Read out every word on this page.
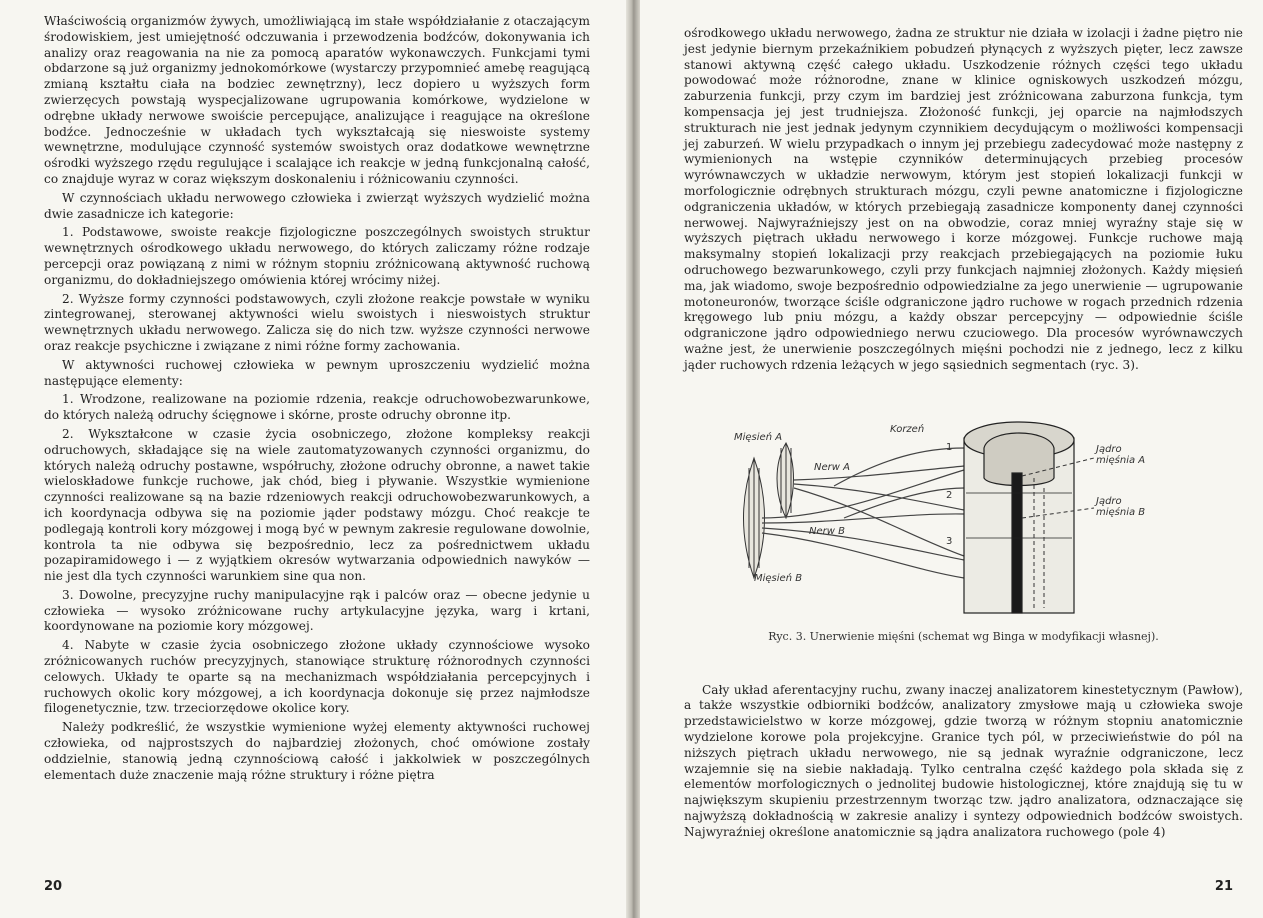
Właściwością organizmów żywych, umożliwiającą im stałe współdziałanie z otaczającym środowiskiem, jest umiejętność odczuwania i przewodzenia bodźców, dokonywania ich analizy oraz reagowania na nie za pomocą aparatów wykonawczych. Funkcjami tymi obdarzone są już organizmy jednokomórkowe (wystarczy przypomnieć amebę reagującą zmianą kształtu ciała na bodziec zewnętrzny), lecz dopiero u wyższych form zwierzęcych powstają wyspecjalizowane ugrupowania komórkowe, wydzielone w odrębne układy nerwowe swoiście percepujące, analizujące i reagujące na określone bodźce. Jednocześnie w układach tych wykształcają się nieswoiste systemy wewnętrzne, modulujące czynność systemów swoistych oraz dodatkowe wewnętrzne ośrodki wyższego rzędu regulujące i scalające ich reakcje w jedną funkcjonalną całość, co znajduje wyraz w coraz większym doskonaleniu i różnicowaniu czynności.

W czynnościach układu nerwowego człowieka i zwierząt wyższych wydzielić można dwie zasadnicze ich kategorie:

1. Podstawowe, swoiste reakcje fizjologiczne poszczególnych swoistych struktur wewnętrznych ośrodkowego układu nerwowego, do których zaliczamy różne rodzaje percepcji oraz powiązaną z nimi w różnym stopniu zróżnicowaną aktywność ruchową organizmu, do dokładniejszego omówienia której wrócimy niżej.

2. Wyższe formy czynności podstawowych, czyli złożone reakcje powstałe w wyniku zintegrowanej, sterowanej aktywności wielu swoistych i nieswoistych struktur wewnętrznych układu nerwowego. Zalicza się do nich tzw. wyższe czynności nerwowe oraz reakcje psychiczne i związane z nimi różne formy zachowania.

W aktywności ruchowej człowieka w pewnym uproszczeniu wydzielić można następujące elementy:

1. Wrodzone, realizowane na poziomie rdzenia, reakcje odruchowobezwarunkowe, do których należą odruchy ścięgnowe i skórne, proste odruchy obronne itp.

2. Wykształcone w czasie życia osobniczego, złożone kompleksy reakcji odruchowych, składające się na wiele zautomatyzowanych czynności organizmu, do których należą odruchy postawne, współruchy, złożone odruchy obronne, a nawet takie wieloskładowe funkcje ruchowe, jak chód, bieg i pływanie. Wszystkie wymienione czynności realizowane są na bazie rdzeniowych reakcji odruchowobezwarunkowych, a ich koordynacja odbywa się na poziomie jąder podstawy mózgu. Choć reakcje te podlegają kontroli kory mózgowej i mogą być w pewnym zakresie regulowane dowolnie, kontrola ta nie odbywa się bezpośrednio, lecz za pośrednictwem układu pozapiramidowego i — z wyjątkiem okresów wytwarzania odpowiednich nawyków — nie jest dla tych czynności warunkiem sine qua non.

3. Dowolne, precyzyjne ruchy manipulacyjne rąk i palców oraz — obecne jedynie u człowieka — wysoko zróżnicowane ruchy artykulacyjne języka, warg i krtani, koordynowane na poziomie kory mózgowej.

4. Nabyte w czasie życia osobniczego złożone układy czynnościowe wysoko zróżnicowanych ruchów precyzyjnych, stanowiące strukturę różnorodnych czynności celowych. Układy te oparte są na mechanizmach współdziałania percepcyjnych i ruchowych okolic kory mózgowej, a ich koordynacja dokonuje się przez najmłodsze filogenetycznie, tzw. trzeciorzędowe okolice kory.

Należy podkreślić, że wszystkie wymienione wyżej elementy aktywności ruchowej człowieka, od najprostszych do najbardziej złożonych, choć omówione zostały oddzielnie, stanowią jedną czynnościową całość i jakkolwiek w poszczególnych elementach duże znaczenie mają różne struktury i różne piętra

20

ośrodkowego układu nerwowego, żadna ze struktur nie działa w izolacji i żadne piętro nie jest jedynie biernym przekaźnikiem pobudzeń płynących z wyższych pięter, lecz zawsze stanowi aktywną część całego układu. Uszkodzenie różnych części tego układu powodować może różnorodne, znane w klinice ogniskowych uszkodzeń mózgu, zaburzenia funkcji, przy czym im bardziej jest zróżnicowana zaburzona funkcja, tym kompensacja jej jest trudniejsza. Złożoność funkcji, jej oparcie na najmłodszych strukturach nie jest jednak jedynym czynnikiem decydującym o możliwości kompensacji jej zaburzeń. W wielu przypadkach o innym jej przebiegu zadecydować może następny z wymienionych na wstępie czynników determinujących przebieg procesów wyrównawczych w układzie nerwowym, którym jest stopień lokalizacji funkcji w morfologicznie odrębnych strukturach mózgu, czyli pewne anatomiczne i fizjologiczne odgraniczenia układów, w których przebiegają zasadnicze komponenty danej czynności nerwowej. Najwyraźniejszy jest on na obwodzie, coraz mniej wyraźny staje się w wyższych piętrach układu nerwowego i korze mózgowej. Funkcje ruchowe mają maksymalny stopień lokalizacji przy reakcjach przebiegających na poziomie łuku odruchowego bezwarunkowego, czyli przy funkcjach najmniej złożonych. Każdy mięsień ma, jak wiadomo, swoje bezpośrednio odpowiedzialne za jego unerwienie — ugrupowanie motoneuronów, tworzące ściśle odgraniczone jądro ruchowe w rogach przednich rdzenia kręgowego lub pniu mózgu, a każdy obszar percepcyjny — odpowiednie ściśle odgraniczone jądro odpowiedniego nerwu czuciowego. Dla procesów wyrównawczych ważne jest, że unerwienie poszczególnych mięśni pochodzi nie z jednego, lecz z kilku jąder ruchowych rdzenia leżących w jego sąsiednich segmentach (ryc. 3).

Mięsień A
Mięsień B
Nerw A
Nerw B
Korzeń
1
2
3
Jądro mięśnia A
Jądro mięśnia B
Ryc. 3. Unerwienie mięśni (schemat wg Binga w modyfikacji własnej).

Cały układ aferentacyjny ruchu, zwany inaczej analizatorem kinestetycznym (Pawłow), a także wszystkie odbiorniki bodźców, analizatory zmysłowe mają u człowieka swoje przedstawicielstwo w korze mózgowej, gdzie tworzą w różnym stopniu anatomicznie wydzielone korowe pola projekcyjne. Granice tych pól, w przeciwieństwie do pól na niższych piętrach układu nerwowego, nie są jednak wyraźnie odgraniczone, lecz wzajemnie się na siebie nakładają. Tylko centralna część każdego pola składa się z elementów morfologicznych o jednolitej budowie histologicznej, które znajdują się tu w największym skupieniu przestrzennym tworząc tzw. jądro analizatora, odznaczające się najwyższą dokładnością w zakresie analizy i syntezy odpowiednich bodźców swoistych. Najwyraźniej określone anatomicznie są jądra analizatora ruchowego (pole 4)

21
